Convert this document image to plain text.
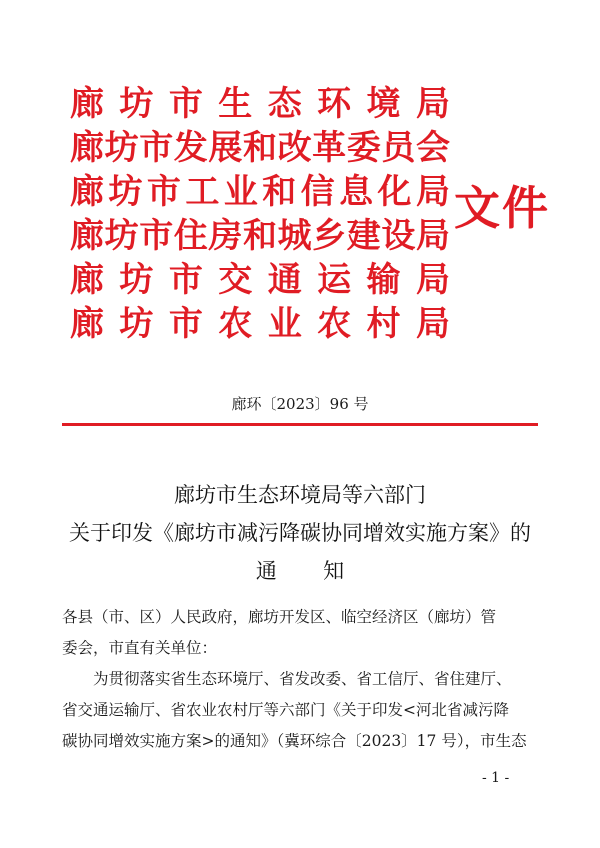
廊 坊 市 生 态 环 境 局
廊 坊 市 发 展 和 改 革 委 员 会
廊 坊 市 工 业 和 信 息 化 局
廊 坊 市 住 房 和 城 乡 建 设 局
廊 坊 市 交 通 运 输 局
廊 坊 市 农 业 农 村 局
文件
廊环〔2023〕96 号
廊坊市生态环境局等六部门
关于印发《廊坊市减污降碳协同增效实施方案》的
通知
各县（市、区）人民政府，廊坊开发区、临空经济区（廊坊）管
委会，市直有关单位：
为贯彻落实省生态环境厅、省发改委、省工信厅、省住建厅、
省交通运输厅、省农业农村厅等六部门《关于印发<河北省减污降
碳协同增效实施方案>的通知》（冀环综合〔2023〕17 号），市生态
- 1 -
